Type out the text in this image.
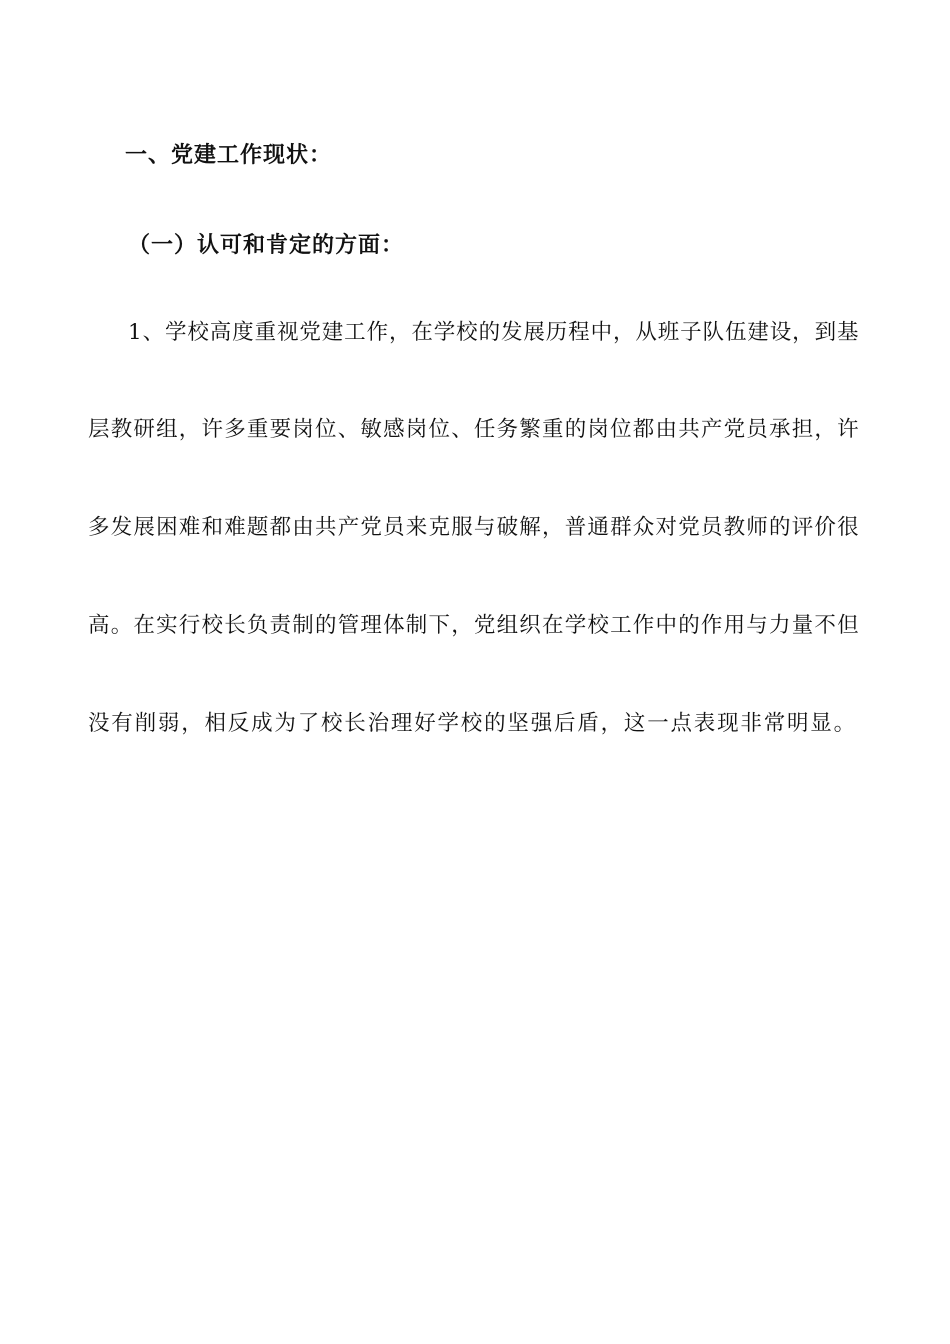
一、党建工作现状：
（一）认可和肯定的方面：
1、学校高度重视党建工作，在学校的发展历程中，从班子队伍建设，到基
层教研组，许多重要岗位、敏感岗位、任务繁重的岗位都由共产党员承担，许
多发展困难和难题都由共产党员来克服与破解，普通群众对党员教师的评价很
高。在实行校长负责制的管理体制下，党组织在学校工作中的作用与力量不但
没有削弱，相反成为了校长治理好学校的坚强后盾，这一点表现非常明显。
